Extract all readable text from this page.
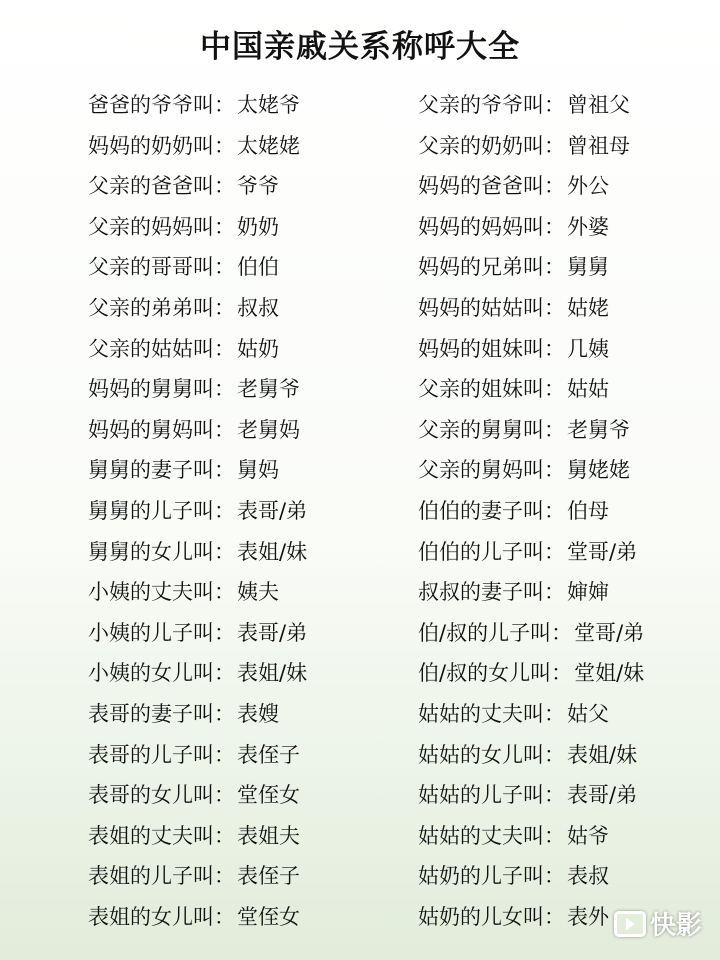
中国亲戚关系称呼大全
爸爸的爷爷叫：太姥爷	父亲的爷爷叫：曾祖父
妈妈的奶奶叫：太姥姥	父亲的奶奶叫：曾祖母
父亲的爸爸叫：爷爷	妈妈的爸爸叫：外公
父亲的妈妈叫：奶奶	妈妈的妈妈叫：外婆
父亲的哥哥叫：伯伯	妈妈的兄弟叫：舅舅
父亲的弟弟叫：叔叔	妈妈的姑姑叫：姑姥
父亲的姑姑叫：姑奶	妈妈的姐妹叫：几姨
妈妈的舅舅叫：老舅爷	父亲的姐妹叫：姑姑
妈妈的舅妈叫：老舅妈	父亲的舅舅叫：老舅爷
舅舅的妻子叫：舅妈	父亲的舅妈叫：舅姥姥
舅舅的儿子叫：表哥/弟	伯伯的妻子叫：伯母
舅舅的女儿叫：表姐/妹	伯伯的儿子叫：堂哥/弟
小姨的丈夫叫：姨夫	叔叔的妻子叫：婶婶
小姨的儿子叫：表哥/弟	伯/叔的儿子叫：堂哥/弟
小姨的女儿叫：表姐/妹	伯/叔的女儿叫：堂姐/妹
表哥的妻子叫：表嫂	姑姑的丈夫叫：姑父
表哥的儿子叫：表侄子	姑姑的女儿叫：表姐/妹
表哥的女儿叫：堂侄女	姑姑的儿子叫：表哥/弟
表姐的丈夫叫：表姐夫	姑姑的丈夫叫：姑爷
表姐的儿子叫：表侄子	姑奶的儿子叫：表叔
表姐的女儿叫：堂侄女	姑奶的儿女叫：表外 快影
